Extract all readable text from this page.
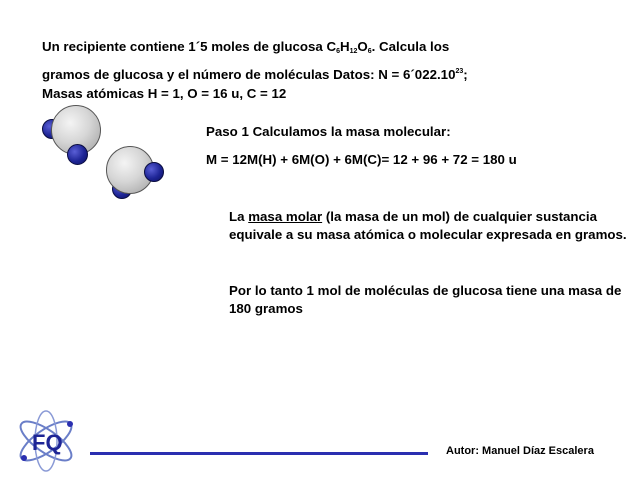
Un recipiente contiene 1´5 moles de glucosa $C_6H_{12}O_6$. Calcula los
gramos de glucosa y el número de moléculas Datos: $N = 6´022.10^{23}$;
Masas atómicas H = 1, O = 16 u, C = 12
Paso 1 Calculamos la masa molecular:
M = 12M(H) + 6M(O) + 6M(C)= 12 + 96 + 72 = 180 u
La masa molar (la masa de un mol) de cualquier sustancia equivale a su masa atómica o molecular expresada en gramos.
Por lo tanto 1 mol de moléculas de glucosa tiene una masa de 180 gramos
FQ	Autor: Manuel Díaz Escalera
